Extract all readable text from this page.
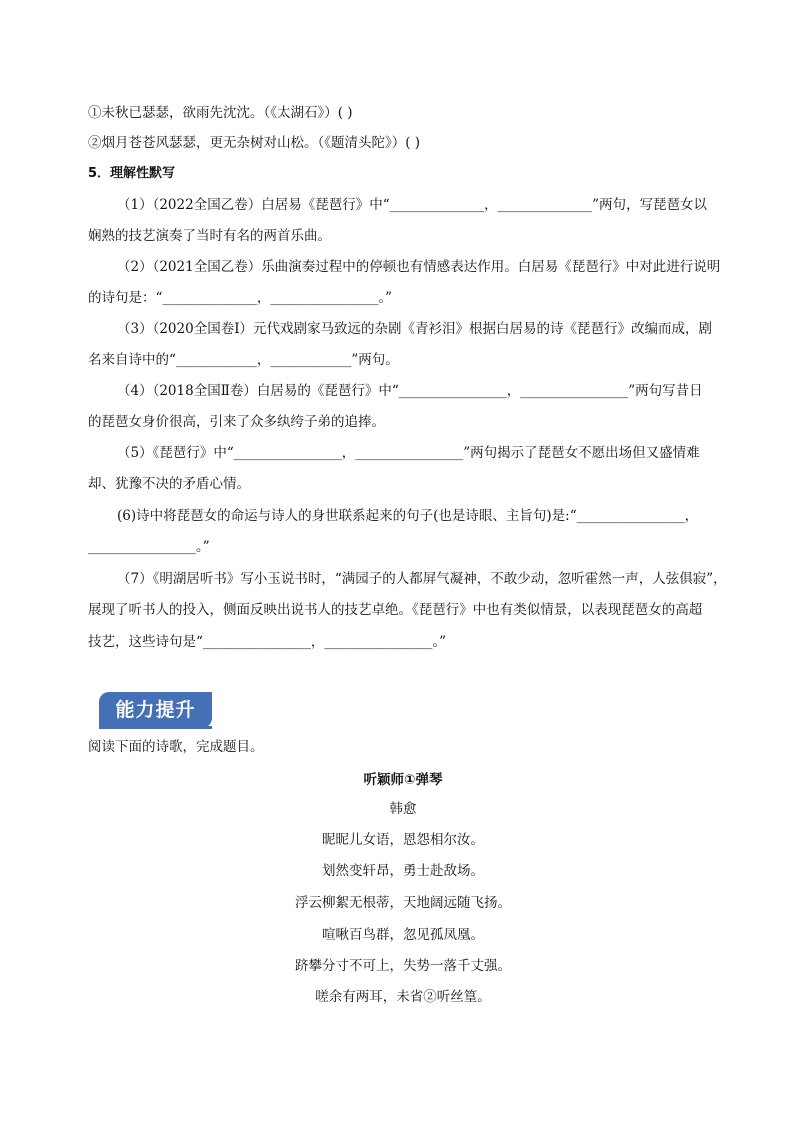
①未秋已瑟瑟，欲雨先沈沈。（《太湖石》）( )
②烟月苍苍风瑟瑟，更无杂树对山松。（《题清头陀》）( )
5．理解性默写
（1）（2022全国乙卷）白居易《琵琶行》中“______________，______________”两句，写琵琶女以
娴熟的技艺演奏了当时有名的两首乐曲。
（2）（2021全国乙卷）乐曲演奏过程中的停顿也有情感表达作用。白居易《琵琶行》中对此进行说明
的诗句是：“______________，________________。”
（3）（2020全国卷Ⅰ）元代戏剧家马致远的杂剧《青衫泪》根据白居易的诗《琵琶行》改编而成，剧
名来自诗中的“____________，____________”两句。
（4）（2018全国Ⅱ卷）白居易的《琵琶行》中“________________，________________”两句写昔日
的琵琶女身价很高，引来了众多纨绔子弟的追捧。
（5）《琵琶行》中“________________，________________”两句揭示了琵琶女不愿出场但又盛情难
却、犹豫不决的矛盾心情。
(6)诗中将琵琶女的命运与诗人的身世联系起来的句子(也是诗眼、主旨句)是:“________________，
________________。”
（7）《明湖居听书》写小玉说书时，“满园子的人都屏气凝神，不敢少动，忽听霍然一声，人弦俱寂”，
展现了听书人的投入，侧面反映出说书人的技艺卓绝。《琵琶行》中也有类似情景，以表现琵琶女的高超
技艺，这些诗句是“________________，________________。”
能力提升
阅读下面的诗歌，完成题目。
听颖师①弹琴
韩愈
昵昵儿女语，恩怨相尔汝。
划然变轩昂，勇士赴敌场。
浮云柳絮无根蒂，天地阔远随飞扬。
喧啾百鸟群，忽见孤凤凰。
跻攀分寸不可上，失势一落千丈强。
嗟余有两耳，未省②听丝篁。
